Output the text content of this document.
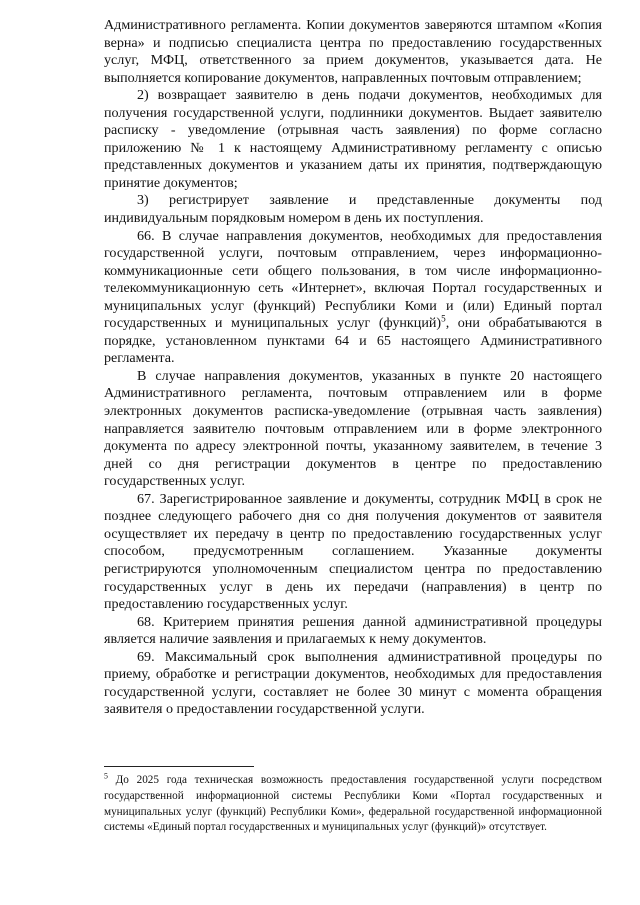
Административного регламента. Копии документов заверяются штампом «Копия верна» и подписью специалиста центра по предоставлению государственных услуг, МФЦ, ответственного за прием документов, указывается дата. Не выполняется копирование документов, направленных почтовым отправлением;

2) возвращает заявителю в день подачи документов, необходимых для получения государственной услуги, подлинники документов. Выдает заявителю расписку - уведомление (отрывная часть заявления) по форме согласно приложению № 1 к настоящему Административному регламенту с описью представленных документов и указанием даты их принятия, подтверждающую принятие документов;

3) регистрирует заявление и представленные документы под индивидуальным порядковым номером в день их поступления.

66. В случае направления документов, необходимых для предоставления государственной услуги, почтовым отправлением, через информационно-коммуникационные сети общего пользования, в том числе информационно-телекоммуникационную сеть «Интернет», включая Портал государственных и муниципальных услуг (функций) Республики Коми и (или) Единый портал государственных и муниципальных услуг (функций)$^5$, они обрабатываются в порядке, установленном пунктами 64 и 65 настоящего Административного регламента.

В случае направления документов, указанных в пункте 20 настоящего Административного регламента, почтовым отправлением или в форме электронных документов расписка-уведомление (отрывная часть заявления) направляется заявителю почтовым отправлением или в форме электронного документа по адресу электронной почты, указанному заявителем, в течение 3 дней со дня регистрации документов в центре по предоставлению государственных услуг.

67. Зарегистрированное заявление и документы, сотрудник МФЦ в срок не позднее следующего рабочего дня со дня получения документов от заявителя осуществляет их передачу в центр по предоставлению государственных услуг способом, предусмотренным соглашением. Указанные документы регистрируются уполномоченным специалистом центра по предоставлению государственных услуг в день их передачи (направления) в центр по предоставлению государственных услуг.

68. Критерием принятия решения данной административной процедуры является наличие заявления и прилагаемых к нему документов.

69. Максимальный срок выполнения административной процедуры по приему, обработке и регистрации документов, необходимых для предоставления государственной услуги, составляет не более 30 минут с момента обращения заявителя о предоставлении государственной услуги.

$^5$ До 2025 года техническая возможность предоставления государственной услуги посредством государственной информационной системы Республики Коми «Портал государственных и муниципальных услуг (функций) Республики Коми», федеральной государственной информационной системы «Единый портал государственных и муниципальных услуг (функций)» отсутствует.
